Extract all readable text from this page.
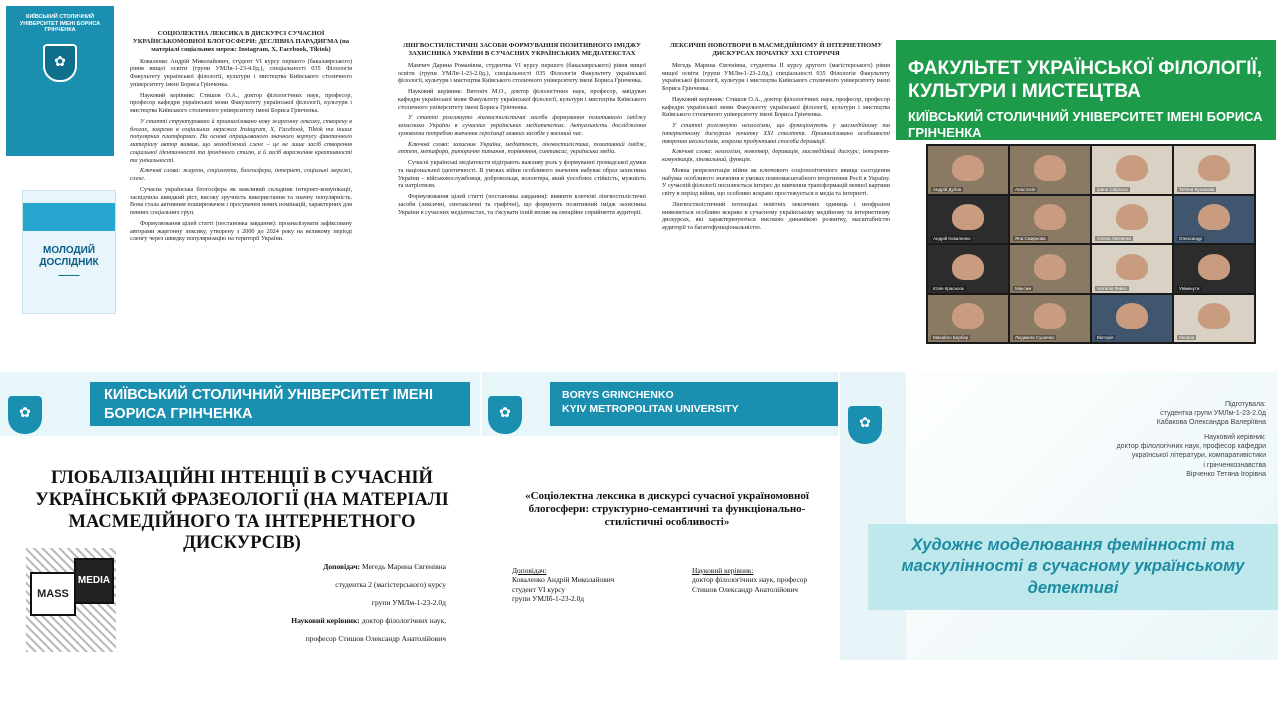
КИЇВСЬКИЙ СТОЛИЧНИЙ УНІВЕРСИТЕТ ІМЕНІ БОРИСА ГРІНЧЕНКА
✿
МОЛОДИЙ ДОСЛІДНИК
▬▬▬▬▬▬
СОЦІОЛЕКТНА ЛЕКСИКА В ДИСКУРСІ СУЧАСНОЇ УКРАЇНСЬКОМОВНОЇ БЛОГОСФЕРИ: ДЕСЛІВНА ПАРАДИГМА (на матеріалі соціальних мереж: Instagram, X, Facebook, Tiktok)
Коваленко Андрій Миколайович, студент VI курсу першого (бакалаврського) рівня вищої освіти (групи УМЛв-1-23-4.0д.), спеціальності 035 Філологія Факультету української філології, культури і мистецтва Київського столичного університету імені Бориса Грінченка.
Науковий керівник: Стишов О.А., доктор філологічних наук, професор, професор кафедри української мови Факультету української філології, культури і мистецтва Київського столичного університету імені Бориса Грінченка.
У статті структуровано й проаналізовано нову жаргонну лексику, створену в блогах, зокрема в соціальних мережах Instagram, X, Facebook, Tiktok та інших популярних платформах. На основі опрацьованого значного корпусу фактичного матеріалу автор виявив, що молодіжний сленг – це не лише засіб створення соціальної ідентичності та іронічного стилю, а й засіб вираження креативності та унікальності.
Ключові слова: жаргон, соціолекти, блогосфера, інтернет, соціальні мережі, сленг.
Сучасна українська блогосфера як важливий складник інтернет-комунікації, засвідчила швидкий ріст, високу зручність використання та значну популярність. Вона стала активним поширювачем і просувачем нових номінацій, характерних для певних соціальних груп.
Формулювання цілей статті (постановка завдання): проаналізувати зафіксовану авторами жаргонну лексику, утворену з 2000 до 2024 року на великому періоді сленгу через швидку популяризацію на території України.
ЛІНГВОСТИЛІСТИЧНІ ЗАСОБИ ФОРМУВАННЯ ПОЗИТИВНОГО ІМІДЖУ ЗАХИСНИКА УКРАЇНИ В СУЧАСНИХ УКРАЇНСЬКИХ МЕДІАТЕКСТАХ
Мамчич Дарина Романівна, студентка VI курсу першого (бакалаврського) рівня вищої освіти (групи УМЛв-1-23-2.0д.), спеціальності 035 Філологія Факультету української філології, культури і мистецтва Київського столичного університету імені Бориса Грінченка.
Науковий керівник: Вятоніч М.О., доктор філологічних наук, професор, завідувач кафедри української мови Факультету української філології, культури і мистецтва Київського столичного університету імені Бориса Грінченка.
У статті розглянуто лінгвостилістичні засоби формування позитивного іміджу захисника України в сучасних українських медіатекстах. Актуальність дослідження зумовлена потребою вивчення героїзації мовних засобів у воєнний час.
Ключові слова: захисник України, медіатекст, лінгвостилістика, позитивний імідж, епітет, метафора, риторичне питання, порівняння, синтаксис, українська медіа.
Сучасні українські медіатексти відіграють важливу роль у формуванні громадської думки та національної ідентичності. В умовах війни особливого значення набуває образ захисника України – військовослужбовця, добровольця, волонтера, який уособлює стійкість, мужність та патріотизм.
Формулювання цілей статті (постановка завдання): виявити ключові лінгвостилістичні засоби (лексичні, синтаксичні та графічні), що формують позитивний імідж захисника України в сучасних медіатекстах, та з'ясувати їхній вплив на емоційне сприйняття аудиторії.
ЛЕКСИЧНІ НОВОТВОРИ В МАСМЕДІЙНОМУ Й ІНТЕРНЕТНОМУ ДИСКУРСАХ ПОЧАТКУ ХХІ СТОРІЧЧЯ
Мегедь Марина Євгенівна, студентка II курсу другого (магістерського) рівня вищої освіти (групи УМЛм-1-23-2.0д.) спеціальності 035 Філологія Факультету української філології, культури і мистецтва Київського столичного університету імені Бориса Грінченка.
Науковий керівник: Стишов О.А., доктор філологічних наук, професор, професор кафедри української мови Факультету української філології, культури і мистецтва Київського столичного університету імені Бориса Грінченка.
У статті розглянуто неологізми, що функціонують у масмедійному та інтернетному дискурсах початку ХХІ століття. Проаналізовано особливості творення неологізмів, зокрема продуктивні способи деривації.
Ключові слова: неологізм, новотвір, деривація, масмедійний дискурс, інтернет-комунікація, лінгвальний, функція.
Мовна репрезентація війни як ключового соціополітичного явища сьогодення набуває особливого значення в умовах повномасштабного вторгнення Росії в Україну. У сучасній філології посилюється інтерес до вивчення трансформацій мовної картини світу в період війни, що особливо яскраво простежується в медіа та інтернеті.
Лінгвостилістичний потенціал новітніх лексичних одиниць і неофразем виявляється особливо яскраво в сучасному українському медійному та інтернетному дискурсах, які характеризуються високою динамікою розвитку, масштабністю аудиторії та багатофункціональністю.
ФАКУЛЬТЕТ УКРАЇНСЬКОЇ ФІЛОЛОГІЇ, КУЛЬТУРИ І МИСТЕЦТВА
КИЇВСЬКИЙ СТОЛИЧНИЙ УНІВЕРСИТЕТ ІМЕНІ БОРИСА ГРІНЧЕНКА
Андрій Дубов	Анастасія	Ірина Свірська	Тетяна Кузьмова
Андрій Коваленко	Яна Смирнова	Олена Левченко	Олександр
Юлія Красноок	Максим	Наталія Левко	Увімкнути
Михайло Бербер	Людмила Сушенко	Вікторія	Оксана
✿
КИЇВСЬКИЙ СТОЛИЧНИЙ УНІВЕРСИТЕТ ІМЕНІ БОРИСА ГРІНЧЕНКА
ГЛОБАЛІЗАЦІЙНІ ІНТЕНЦІЇ В СУЧАСНІЙ УКРАЇНСЬКІЙ ФРАЗЕОЛОГІЇ (НА МАТЕРІАЛІ МАСМЕДІЙНОГО ТА ІНТЕРНЕТНОГО ДИСКУРСІВ)
MASS
MEDIA
Доповідач: Мегедь Марина Євгенівна
студентка 2 (магістерського) курсу
групи УМЛм-1-23-2.0д
Науковий керівник: доктор філологічних наук,
професор Стишов Олександр Анатолійович
✿
BORYS GRINCHENKO
KYIV METROPOLITAN UNIVERSITY
«Соціолектна лексика в дискурсі сучасної україномовної блогосфери: структурно-семантичні та функціонально-стилістичні особливості»
Доповідач:
Коваленко Андрій Миколайович
студент VI курсу
групи УМЛб-1-23-2.0д
Науковий керівник:
доктор філологічних наук, професор
Стишов Олександр Анатолійович
✿
Підготувала:
студентка групи УМЛм-1-23-2.0д
Кабакова Олександра Валеріївна
Науковий керівник:
доктор філологічних наук, професор кафедри
української літератури, компаративістики
і грінченкознавства
Вірченко Тетяна Ігорівна
Художнє моделювання фемінності та маскулінності в сучасному українському детективі
